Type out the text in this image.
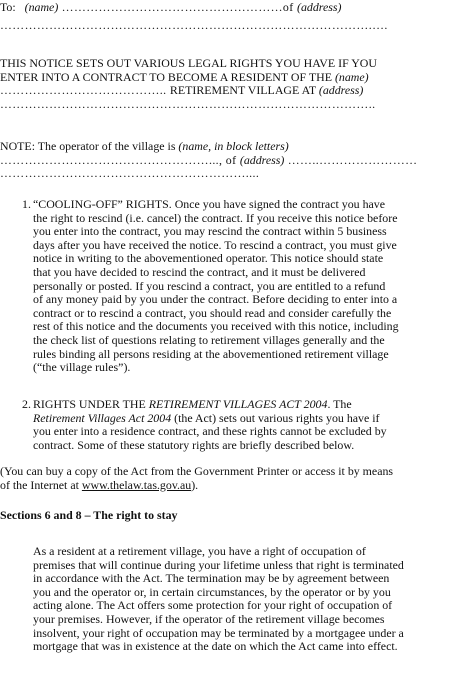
To: (name) ………………………………………………of (address)
……………………………………………………………………………….….
THIS NOTICE SETS OUT VARIOUS LEGAL RIGHTS YOU HAVE IF YOU
ENTER INTO A CONTRACT TO BECOME A RESIDENT OF THE (name)
………………………………….. RETIREMENT VILLAGE AT (address)
………………………………………………………………………………..
NOTE: The operator of the village is (name, in block letters)
……………………………………………..., of (address) ……..……………………
……………………………………………………....
1. “COOLING-OFF” RIGHTS. Once you have signed the contract you have
the right to rescind (i.e. cancel) the contract. If you receive this notice before
you enter into the contract, you may rescind the contract within 5 business
days after you have received the notice. To rescind a contract, you must give
notice in writing to the abovementioned operator. This notice should state
that you have decided to rescind the contract, and it must be delivered
personally or posted. If you rescind a contract, you are entitled to a refund
of any money paid by you under the contract. Before deciding to enter into a
contract or to rescind a contract, you should read and consider carefully the
rest of this notice and the documents you received with this notice, including
the check list of questions relating to retirement villages generally and the
rules binding all persons residing at the abovementioned retirement village
(“the village rules”).
2. RIGHTS UNDER THE RETIREMENT VILLAGES ACT 2004. The
Retirement Villages Act 2004 (the Act) sets out various rights you have if
you enter into a residence contract, and these rights cannot be excluded by
contract. Some of these statutory rights are briefly described below.
(You can buy a copy of the Act from the Government Printer or access it by means
of the Internet at www.thelaw.tas.gov.au).
Sections 6 and 8 – The right to stay
As a resident at a retirement village, you have a right of occupation of
premises that will continue during your lifetime unless that right is terminated
in accordance with the Act. The termination may be by agreement between
you and the operator or, in certain circumstances, by the operator or by you
acting alone. The Act offers some protection for your right of occupation of
your premises. However, if the operator of the retirement village becomes
insolvent, your right of occupation may be terminated by a mortgagee under a
mortgage that was in existence at the date on which the Act came into effect.
